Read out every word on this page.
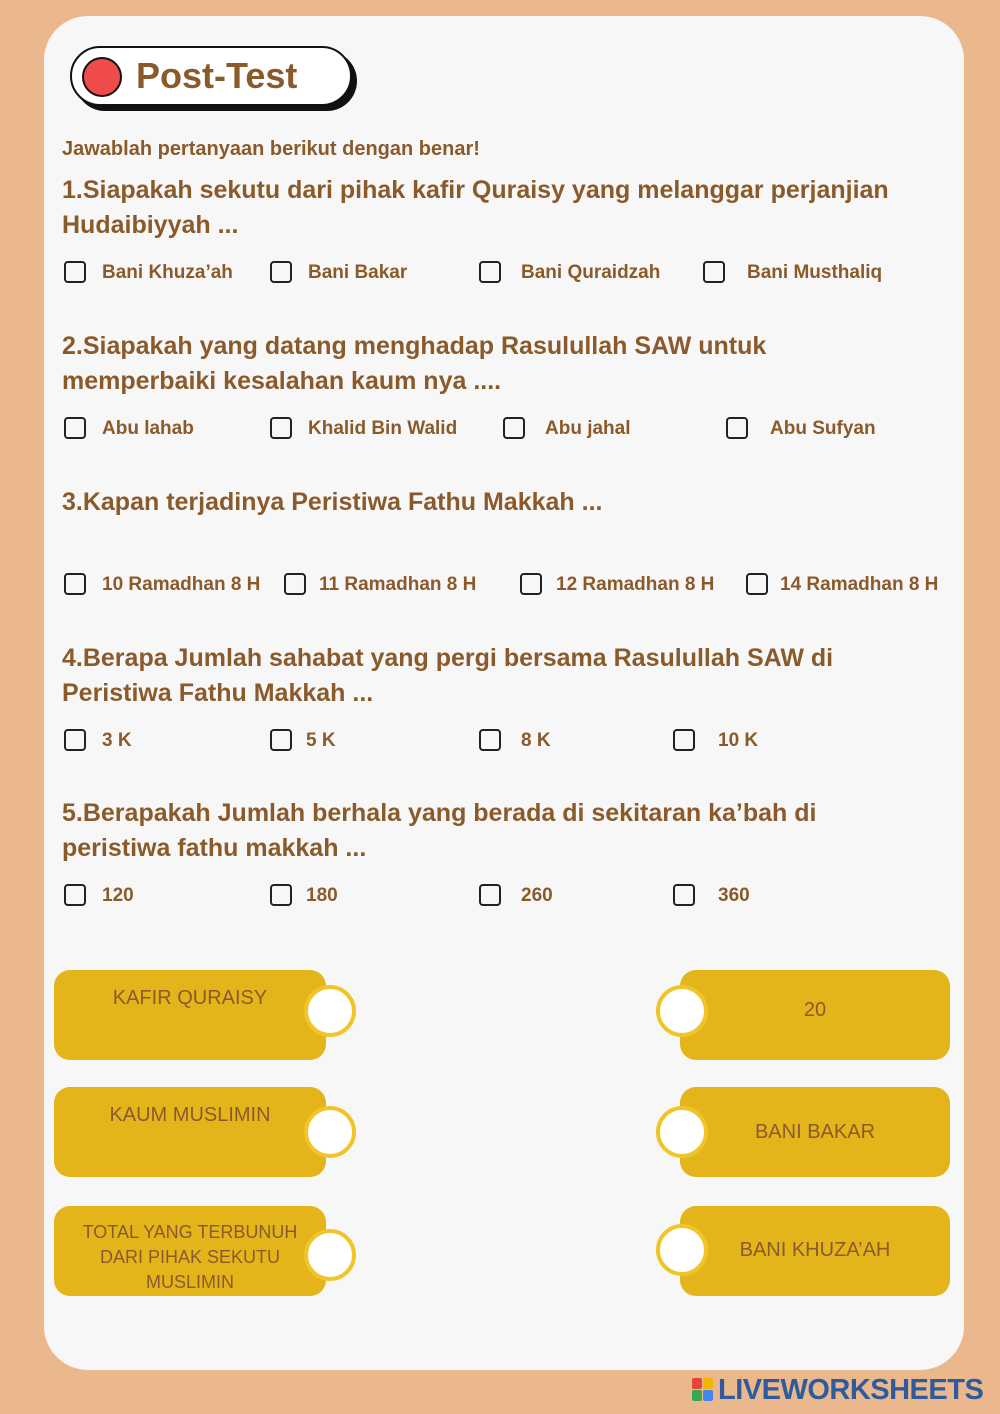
Post-Test
Jawablah pertanyaan berikut dengan benar!
1.Siapakah sekutu dari pihak kafir Quraisy yang melanggar perjanjian Hudaibiyyah ...
Bani Khuza’ah	Bani Bakar	Bani Quraidzah	Bani Musthaliq
2.Siapakah yang datang menghadap Rasulullah SAW untuk memperbaiki kesalahan kaum nya ....
Abu lahab	Khalid Bin Walid	Abu jahal	Abu Sufyan
3.Kapan terjadinya Peristiwa Fathu Makkah ...
10 Ramadhan 8 H	11 Ramadhan 8 H	12 Ramadhan 8 H	14 Ramadhan 8 H
4.Berapa Jumlah sahabat yang pergi bersama Rasulullah SAW di Peristiwa Fathu Makkah ...
3 K	5 K	8 K	10 K
5.Berapakah Jumlah berhala yang berada di sekitaran ka’bah di peristiwa fathu makkah ...
120	180	260	360
KAFIR QURAISY
KAUM MUSLIMIN
TOTAL YANG TERBUNUH DARI PIHAK SEKUTU MUSLIMIN
20
BANI BAKAR
BANI KHUZA’AH
LIVEWORKSHEETS
